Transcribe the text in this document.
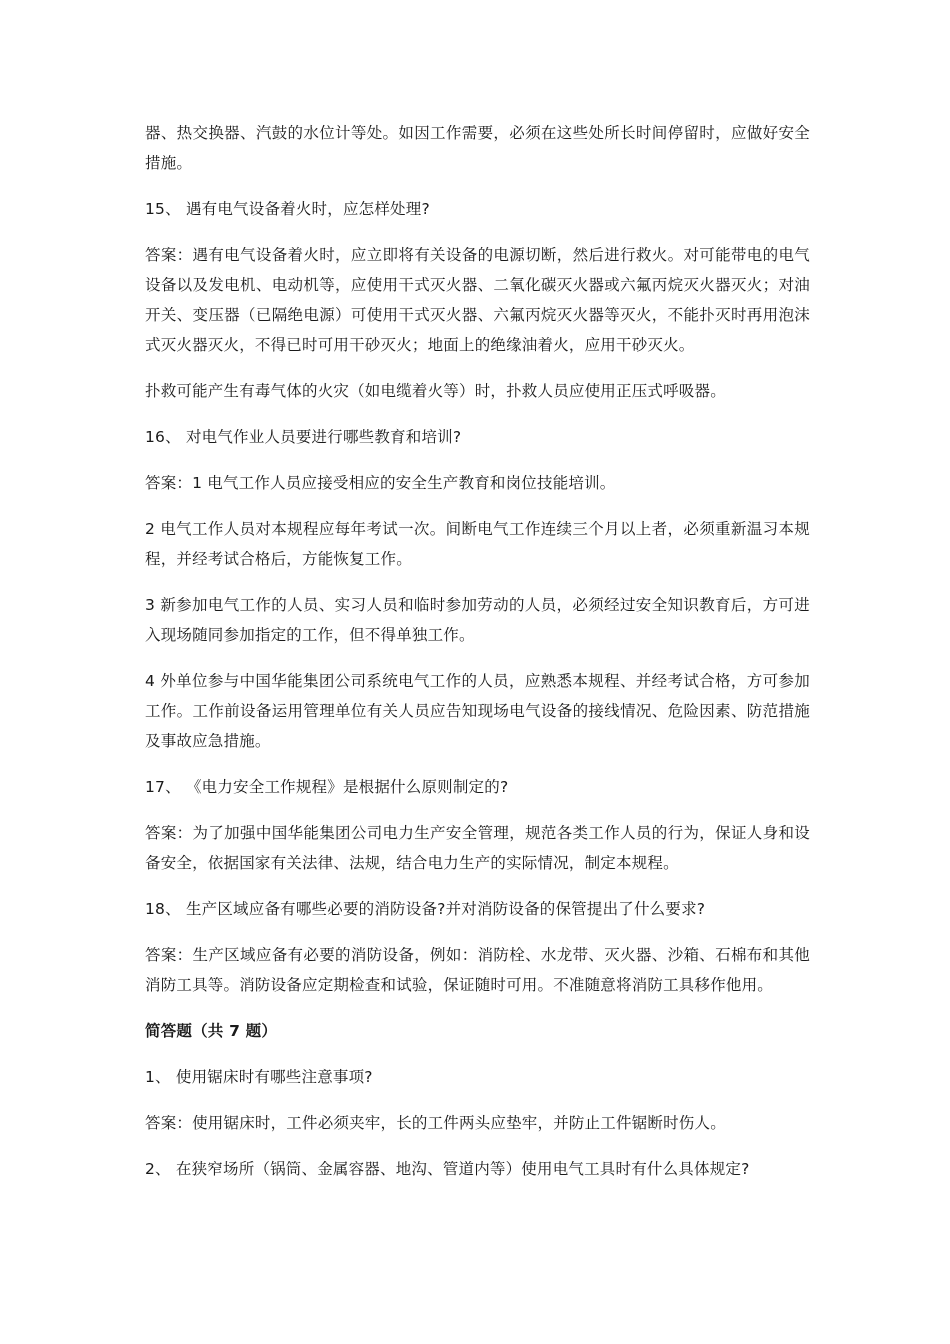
器、热交换器、汽鼓的水位计等处。如因工作需要，必须在这些处所长时间停留时，应做好安全措施。

15、 遇有电气设备着火时，应怎样处理?

答案：遇有电气设备着火时，应立即将有关设备的电源切断，然后进行救火。对可能带电的电气设备以及发电机、电动机等，应使用干式灭火器、二氧化碳灭火器或六氟丙烷灭火器灭火；对油开关、变压器（已隔绝电源）可使用干式灭火器、六氟丙烷灭火器等灭火，不能扑灭时再用泡沫式灭火器灭火，不得已时可用干砂灭火；地面上的绝缘油着火，应用干砂灭火。

扑救可能产生有毒气体的火灾（如电缆着火等）时，扑救人员应使用正压式呼吸器。

16、 对电气作业人员要进行哪些教育和培训?

答案：1 电气工作人员应接受相应的安全生产教育和岗位技能培训。

2 电气工作人员对本规程应每年考试一次。间断电气工作连续三个月以上者，必须重新温习本规程，并经考试合格后，方能恢复工作。

3 新参加电气工作的人员、实习人员和临时参加劳动的人员，必须经过安全知识教育后，方可进入现场随同参加指定的工作，但不得单独工作。

4 外单位参与中国华能集团公司系统电气工作的人员，应熟悉本规程、并经考试合格，方可参加工作。工作前设备运用管理单位有关人员应告知现场电气设备的接线情况、危险因素、防范措施及事故应急措施。

17、 《电力安全工作规程》是根据什么原则制定的?

答案：为了加强中国华能集团公司电力生产安全管理，规范各类工作人员的行为，保证人身和设备安全，依据国家有关法律、法规，结合电力生产的实际情况，制定本规程。

18、 生产区域应备有哪些必要的消防设备?并对消防设备的保管提出了什么要求?

答案：生产区域应备有必要的消防设备，例如：消防栓、水龙带、灭火器、沙箱、石棉布和其他消防工具等。消防设备应定期检查和试验，保证随时可用。不准随意将消防工具移作他用。

简答题（共 7 题）

1、 使用锯床时有哪些注意事项?

答案：使用锯床时，工件必须夹牢，长的工件两头应垫牢，并防止工件锯断时伤人。

2、 在狭窄场所（锅筒、金属容器、地沟、管道内等）使用电气工具时有什么具体规定?
